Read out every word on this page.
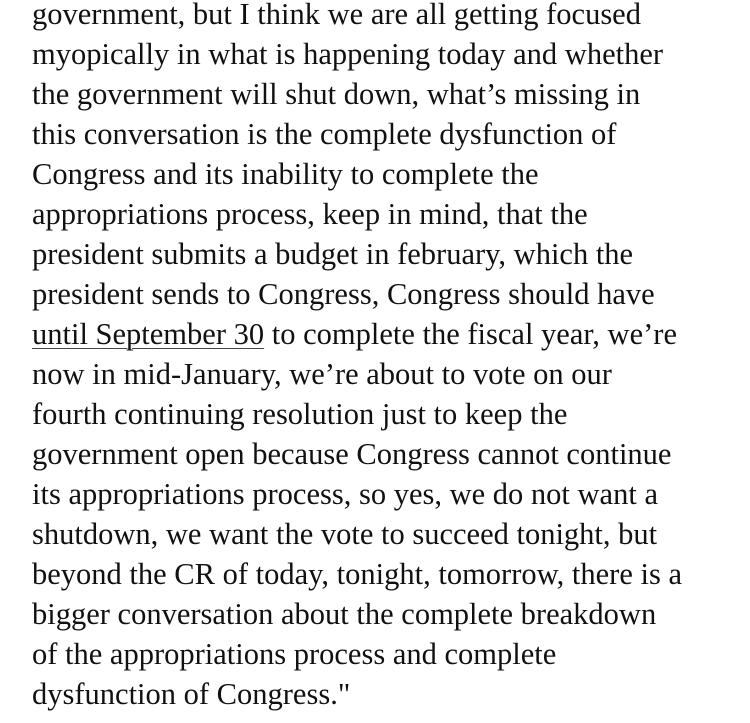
government, but I think we are all getting focused
myopically in what is happening today and whether
the government will shut down, what’s missing in
this conversation is the complete dysfunction of
Congress and its inability to complete the
appropriations process, keep in mind, that the
president submits a budget in february, which the
president sends to Congress, Congress should have
until September 30 to complete the fiscal year, we’re
now in mid-January, we’re about to vote on our
fourth continuing resolution just to keep the
government open because Congress cannot continue
its appropriations process, so yes, we do not want a
shutdown, we want the vote to succeed tonight, but
beyond the CR of today, tonight, tomorrow, there is a
bigger conversation about the complete breakdown
of the appropriations process and complete
dysfunction of Congress."
